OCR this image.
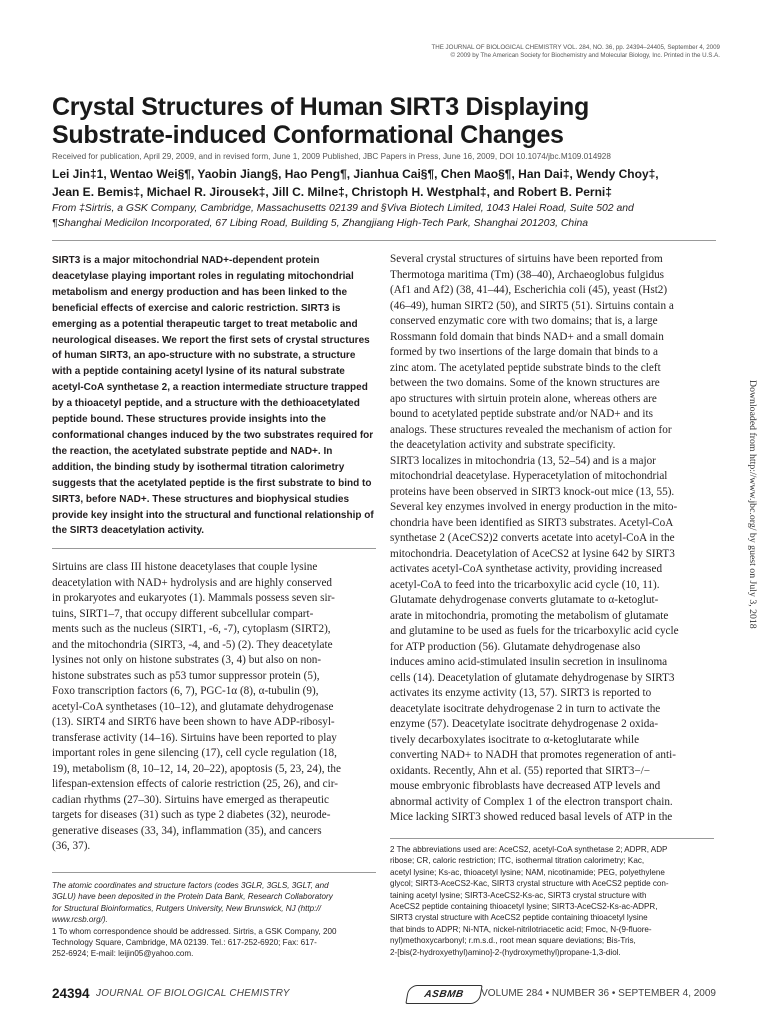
THE JOURNAL OF BIOLOGICAL CHEMISTRY VOL. 284, NO. 36, pp. 24394–24405, September 4, 2009
© 2009 by The American Society for Biochemistry and Molecular Biology, Inc. Printed in the U.S.A.
Crystal Structures of Human SIRT3 Displaying
Substrate-induced Conformational Changes
Received for publication, April 29, 2009, and in revised form, June 1, 2009 Published, JBC Papers in Press, June 16, 2009, DOI 10.1074/jbc.M109.014928
Lei Jin‡1, Wentao Wei§¶, Yaobin Jiang§, Hao Peng¶, Jianhua Cai§¶, Chen Mao§¶, Han Dai‡, Wendy Choy‡,
Jean E. Bemis‡, Michael R. Jirousek‡, Jill C. Milne‡, Christoph H. Westphal‡, and Robert B. Perni‡
From ‡Sirtris, a GSK Company, Cambridge, Massachusetts 02139 and §Viva Biotech Limited, 1043 Halei Road, Suite 502 and
¶Shanghai Medicilon Incorporated, 67 Libing Road, Building 5, Zhangjiang High-Tech Park, Shanghai 201203, China
SIRT3 is a major mitochondrial NAD+-dependent protein deacetylase playing important roles in regulating mitochondrial metabolism and energy production and has been linked to the beneficial effects of exercise and caloric restriction. SIRT3 is emerging as a potential therapeutic target to treat metabolic and neurological diseases. We report the first sets of crystal structures of human SIRT3, an apo-structure with no substrate, a structure with a peptide containing acetyl lysine of its natural substrate acetyl-CoA synthetase 2, a reaction intermediate structure trapped by a thioacetyl peptide, and a structure with the dethioacetylated peptide bound. These structures provide insights into the conformational changes induced by the two substrates required for the reaction, the acetylated substrate peptide and NAD+. In addition, the binding study by isothermal titration calorimetry suggests that the acetylated peptide is the first substrate to bind to SIRT3, before NAD+. These structures and biophysical studies provide key insight into the structural and functional relationship of the SIRT3 deacetylation activity.
Sirtuins are class III histone deacetylases that couple lysine
deacetylation with NAD+ hydrolysis and are highly conserved
in prokaryotes and eukaryotes (1). Mammals possess seven sir-
tuins, SIRT1–7, that occupy different subcellular compart-
ments such as the nucleus (SIRT1, -6, -7), cytoplasm (SIRT2),
and the mitochondria (SIRT3, -4, and -5) (2). They deacetylate
lysines not only on histone substrates (3, 4) but also on non-
histone substrates such as p53 tumor suppressor protein (5),
Foxo transcription factors (6, 7), PGC-1α (8), α-tubulin (9),
acetyl-CoA synthetases (10–12), and glutamate dehydrogenase
(13). SIRT4 and SIRT6 have been shown to have ADP-ribosyl-
transferase activity (14–16). Sirtuins have been reported to play
important roles in gene silencing (17), cell cycle regulation (18,
19), metabolism (8, 10–12, 14, 20–22), apoptosis (5, 23, 24), the
lifespan-extension effects of calorie restriction (25, 26), and cir-
cadian rhythms (27–30). Sirtuins have emerged as therapeutic
targets for diseases (31) such as type 2 diabetes (32), neurode-
generative diseases (33, 34), inflammation (35), and cancers
(36, 37).
Several crystal structures of sirtuins have been reported from
Thermotoga maritima (Tm) (38–40), Archaeoglobus fulgidus
(Af1 and Af2) (38, 41–44), Escherichia coli (45), yeast (Hst2)
(46–49), human SIRT2 (50), and SIRT5 (51). Sirtuins contain a
conserved enzymatic core with two domains; that is, a large
Rossmann fold domain that binds NAD+ and a small domain
formed by two insertions of the large domain that binds to a
zinc atom. The acetylated peptide substrate binds to the cleft
between the two domains. Some of the known structures are
apo structures with sirtuin protein alone, whereas others are
bound to acetylated peptide substrate and/or NAD+ and its
analogs. These structures revealed the mechanism of action for
the deacetylation activity and substrate specificity.
SIRT3 localizes in mitochondria (13, 52–54) and is a major
mitochondrial deacetylase. Hyperacetylation of mitochondrial
proteins have been observed in SIRT3 knock-out mice (13, 55).
Several key enzymes involved in energy production in the mito-
chondria have been identified as SIRT3 substrates. Acetyl-CoA
synthetase 2 (AceCS2)2 converts acetate into acetyl-CoA in the
mitochondria. Deacetylation of AceCS2 at lysine 642 by SIRT3
activates acetyl-CoA synthetase activity, providing increased
acetyl-CoA to feed into the tricarboxylic acid cycle (10, 11).
Glutamate dehydrogenase converts glutamate to α-ketoglut-
arate in mitochondria, promoting the metabolism of glutamate
and glutamine to be used as fuels for the tricarboxylic acid cycle
for ATP production (56). Glutamate dehydrogenase also
induces amino acid-stimulated insulin secretion in insulinoma
cells (14). Deacetylation of glutamate dehydrogenase by SIRT3
activates its enzyme activity (13, 57). SIRT3 is reported to
deacetylate isocitrate dehydrogenase 2 in turn to activate the
enzyme (57). Deacetylate isocitrate dehydrogenase 2 oxida-
tively decarboxylates isocitrate to α-ketoglutarate while
converting NAD+ to NADH that promotes regeneration of anti-
oxidants. Recently, Ahn et al. (55) reported that SIRT3−/−
mouse embryonic fibroblasts have decreased ATP levels and
abnormal activity of Complex 1 of the electron transport chain.
Mice lacking SIRT3 showed reduced basal levels of ATP in the
The atomic coordinates and structure factors (codes 3GLR, 3GLS, 3GLT, and
3GLU) have been deposited in the Protein Data Bank, Research Collaboratory
for Structural Bioinformatics, Rutgers University, New Brunswick, NJ (http://
www.rcsb.org/).
1 To whom correspondence should be addressed. Sirtris, a GSK Company, 200
Technology Square, Cambridge, MA 02139. Tel.: 617-252-6920; Fax: 617-
252-6924; E-mail: leijin05@yahoo.com.
2 The abbreviations used are: AceCS2, acetyl-CoA synthetase 2; ADPR, ADP
ribose; CR, caloric restriction; ITC, isothermal titration calorimetry; Kac,
acetyl lysine; Ks-ac, thioacetyl lysine; NAM, nicotinamide; PEG, polyethylene
glycol; SIRT3-AceCS2-Kac, SIRT3 crystal structure with AceCS2 peptide con-
taining acetyl lysine; SIRT3-AceCS2-Ks-ac, SIRT3 crystal structure with
AceCS2 peptide containing thioacetyl lysine; SIRT3-AceCS2-Ks-ac-ADPR,
SIRT3 crystal structure with AceCS2 peptide containing thioacetyl lysine
that binds to ADPR; Ni-NTA, nickel-nitrilotriacetic acid; Fmoc, N-(9-fluore-
nyl)methoxycarbonyl; r.m.s.d., root mean square deviations; Bis-Tris,
2-[bis(2-hydroxyethyl)amino]-2-(hydroxymethyl)propane-1,3-diol.
24394 JOURNAL OF BIOLOGICAL CHEMISTRY	ASBMB	VOLUME 284 • NUMBER 36 • SEPTEMBER 4, 2009
Downloaded from http://www.jbc.org/ by guest on July 3, 2018
